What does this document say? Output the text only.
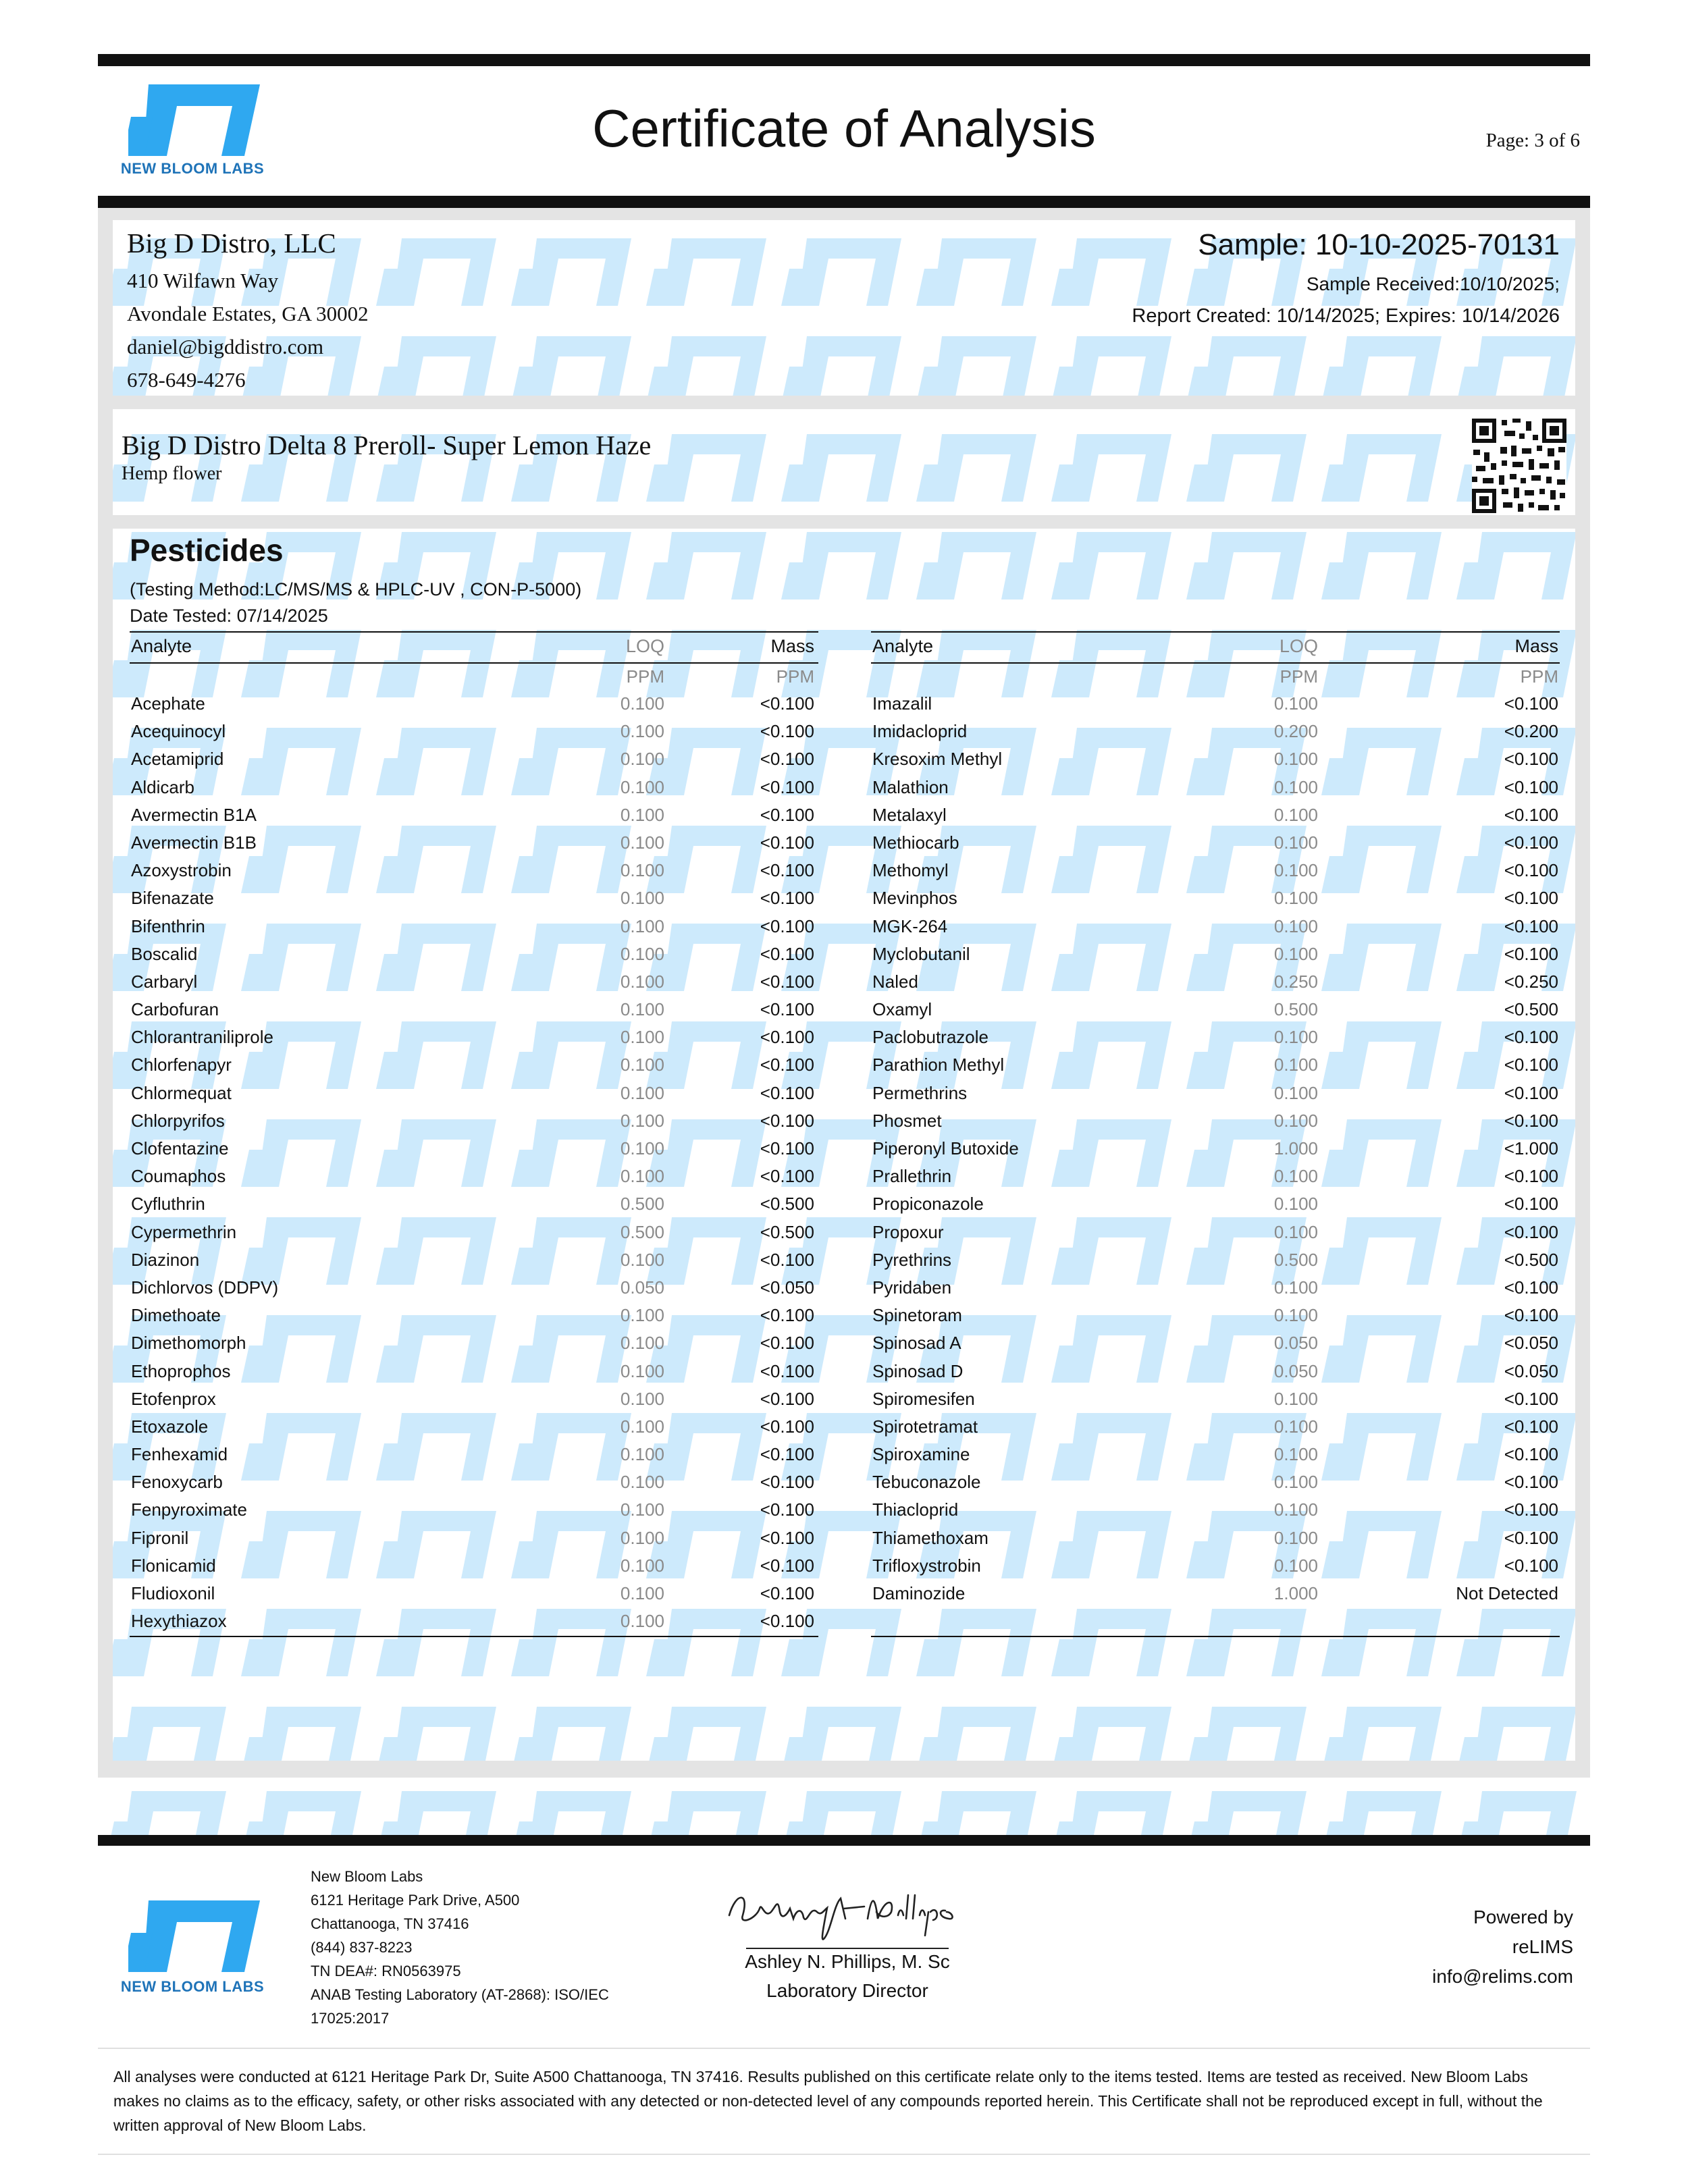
NEW BLOOM LABS
Certificate of Analysis	Page: 3 of 6
Big D Distro, LLC
410 Wilfawn Way
Avondale Estates, GA 30002
daniel@bigddistro.com
678-649-4276
Sample: 10-10-2025-70131
Sample Received:10/10/2025;
Report Created: 10/14/2025; Expires: 10/14/2026
Big D Distro Delta 8 Preroll- Super Lemon Haze
Hemp flower
Pesticides
(Testing Method:LC/MS/MS & HPLC-UV , CON-P-5000)
Date Tested: 07/14/2025
Analyte	LOQ	Mass
PPM	PPM
Acephate	0.100	<0.100
Acequinocyl	0.100	<0.100
Acetamiprid	0.100	<0.100
Aldicarb	0.100	<0.100
Avermectin B1A	0.100	<0.100
Avermectin B1B	0.100	<0.100
Azoxystrobin	0.100	<0.100
Bifenazate	0.100	<0.100
Bifenthrin	0.100	<0.100
Boscalid	0.100	<0.100
Carbaryl	0.100	<0.100
Carbofuran	0.100	<0.100
Chlorantraniliprole	0.100	<0.100
Chlorfenapyr	0.100	<0.100
Chlormequat	0.100	<0.100
Chlorpyrifos	0.100	<0.100
Clofentazine	0.100	<0.100
Coumaphos	0.100	<0.100
Cyfluthrin	0.500	<0.500
Cypermethrin	0.500	<0.500
Diazinon	0.100	<0.100
Dichlorvos (DDPV)	0.050	<0.050
Dimethoate	0.100	<0.100
Dimethomorph	0.100	<0.100
Ethoprophos	0.100	<0.100
Etofenprox	0.100	<0.100
Etoxazole	0.100	<0.100
Fenhexamid	0.100	<0.100
Fenoxycarb	0.100	<0.100
Fenpyroximate	0.100	<0.100
Fipronil	0.100	<0.100
Flonicamid	0.100	<0.100
Fludioxonil	0.100	<0.100
Hexythiazox	0.100	<0.100
Analyte	LOQ	Mass
PPM	PPM
Imazalil	0.100	<0.100
Imidacloprid	0.200	<0.200
Kresoxim Methyl	0.100	<0.100
Malathion	0.100	<0.100
Metalaxyl	0.100	<0.100
Methiocarb	0.100	<0.100
Methomyl	0.100	<0.100
Mevinphos	0.100	<0.100
MGK-264	0.100	<0.100
Myclobutanil	0.100	<0.100
Naled	0.250	<0.250
Oxamyl	0.500	<0.500
Paclobutrazole	0.100	<0.100
Parathion Methyl	0.100	<0.100
Permethrins	0.100	<0.100
Phosmet	0.100	<0.100
Piperonyl Butoxide	1.000	<1.000
Prallethrin	0.100	<0.100
Propiconazole	0.100	<0.100
Propoxur	0.100	<0.100
Pyrethrins	0.500	<0.500
Pyridaben	0.100	<0.100
Spinetoram	0.100	<0.100
Spinosad A	0.050	<0.050
Spinosad D	0.050	<0.050
Spiromesifen	0.100	<0.100
Spirotetramat	0.100	<0.100
Spiroxamine	0.100	<0.100
Tebuconazole	0.100	<0.100
Thiacloprid	0.100	<0.100
Thiamethoxam	0.100	<0.100
Trifloxystrobin	0.100	<0.100
Daminozide	1.000	Not Detected
NEW BLOOM LABS
New Bloom Labs
6121 Heritage Park Drive, A500
Chattanooga, TN 37416
(844) 837-8223
TN DEA#: RN0563975
ANAB Testing Laboratory (AT-2868): ISO/IEC
17025:2017
Ashley N. Phillips, M. Sc
Laboratory Director
Powered by
reLIMS
info@relims.com
All analyses were conducted at 6121 Heritage Park Dr, Suite A500 Chattanooga, TN 37416. Results published on this certificate relate only to the items tested. Items are tested as received. New Bloom Labs makes no claims as to the efficacy, safety, or other risks associated with any detected or non-detected level of any compounds reported herein. This Certificate shall not be reproduced except in full, without the written approval of New Bloom Labs.
